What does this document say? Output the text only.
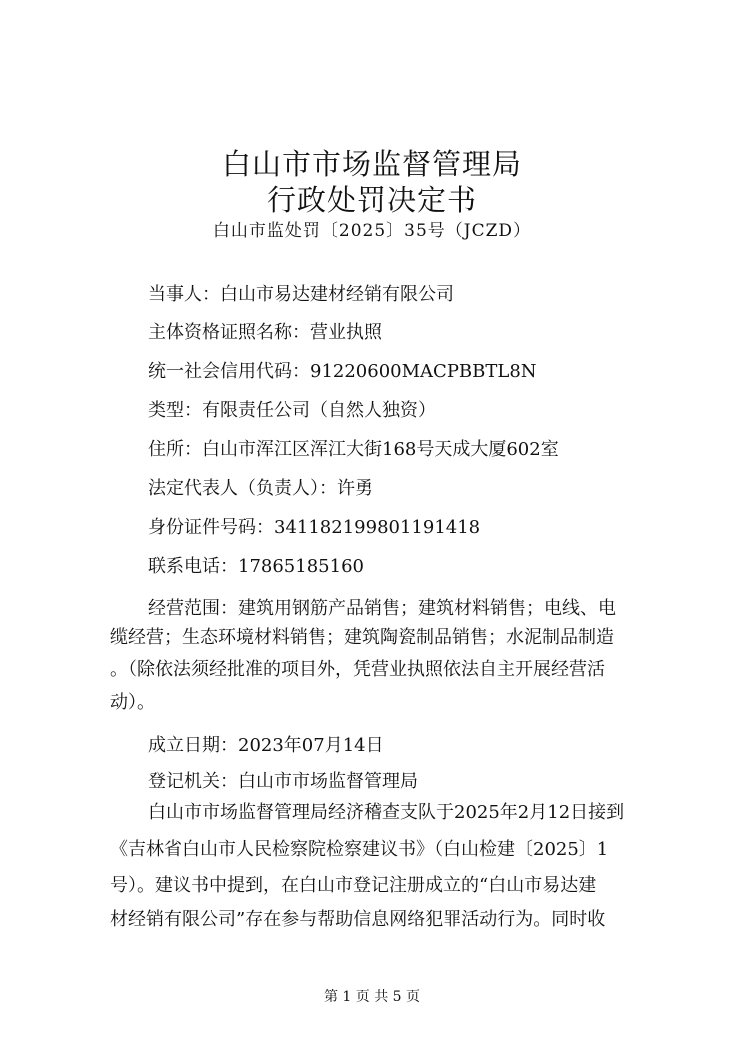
白山市市场监督管理局
行政处罚决定书
白山市监处罚〔2025〕35号（JCZD）
当事人：白山市易达建材经销有限公司
主体资格证照名称：营业执照
统一社会信用代码：91220600MACPBBTL8N
类型：有限责任公司（自然人独资）
住所：白山市浑江区浑江大街168号天成大厦602室
法定代表人（负责人）：许勇
身份证件号码：341182199801191418
联系电话：17865185160
经营范围：建筑用钢筋产品销售；建筑材料销售；电线、电
缆经营；生态环境材料销售；建筑陶瓷制品销售；水泥制品制造
。（除依法须经批准的项目外，凭营业执照依法自主开展经营活
动）。
成立日期：2023年07月14日
登记机关：白山市市场监督管理局
白山市市场监督管理局经济稽查支队于2025年2月12日接到
《吉林省白山市人民检察院检察建议书》（白山检建〔2025〕1
号）。建议书中提到，在白山市登记注册成立的“白山市易达建
材经销有限公司”存在参与帮助信息网络犯罪活动行为。同时收
第 1 页 共 5 页
